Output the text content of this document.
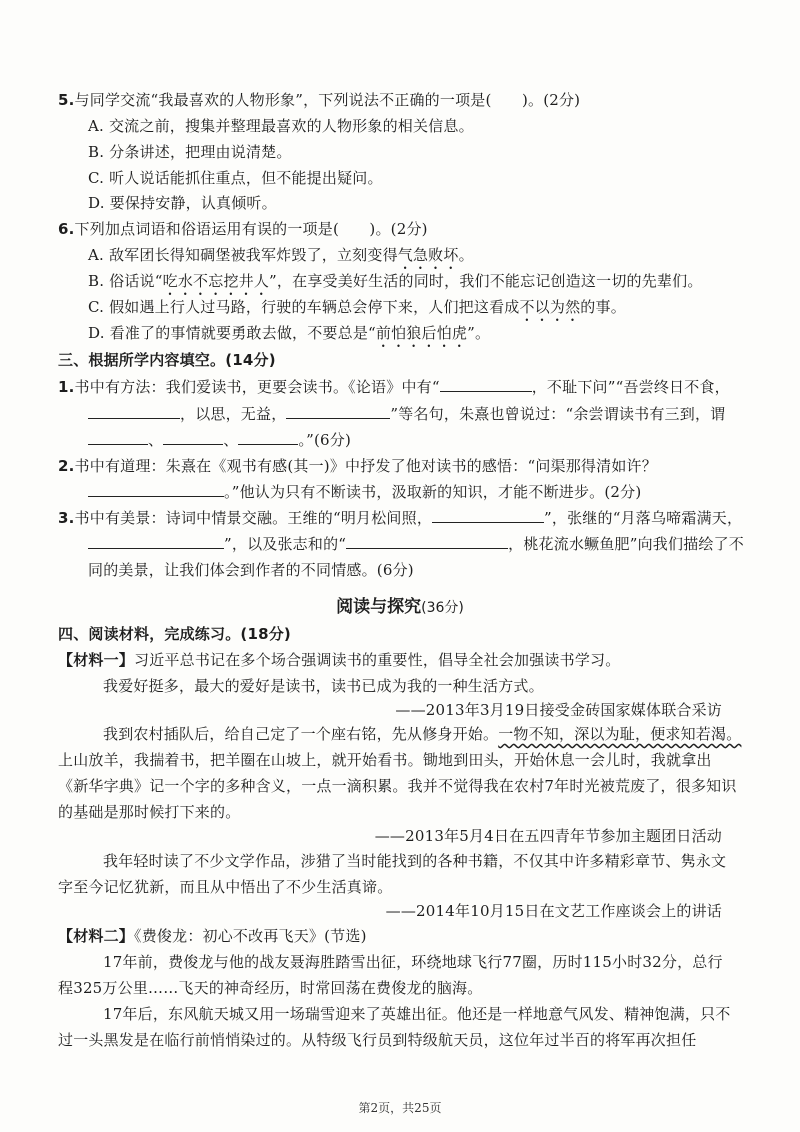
5.与同学交流“我最喜欢的人物形象”，下列说法不正确的一项是(　　)。(2分)
A. 交流之前，搜集并整理最喜欢的人物形象的相关信息。
B. 分条讲述，把理由说清楚。
C. 听人说话能抓住重点，但不能提出疑问。
D. 要保持安静，认真倾听。
6.下列加点词语和俗语运用有误的一项是(　　)。(2分)
A. 敌军团长得知碉堡被我军炸毁了，立刻变得气急败坏。
B. 俗话说“吃水不忘挖井人”，在享受美好生活的同时，我们不能忘记创造这一切的先辈们。
C. 假如遇上行人过马路，行驶的车辆总会停下来，人们把这看成不以为然的事。
D. 看准了的事情就要勇敢去做，不要总是“前怕狼后怕虎”。
三、根据所学内容填空。(14分)
1.书中有方法：我们爱读书，更要会读书。《论语》中有“	，不耻下问”“吾尝终日不食，
，以思，无益，	”等名句，朱熹也曾说过：“余尝谓读书有三到，谓
、	、	。”(6分)
2.书中有道理：朱熹在《观书有感(其一)》中抒发了他对读书的感悟：“问渠那得清如许？
。”他认为只有不断读书，汲取新的知识，才能不断进步。(2分)
3.书中有美景：诗词中情景交融。王维的“明月松间照，	”，张继的“月落乌啼霜满天，
”，以及张志和的“	，桃花流水鳜鱼肥”向我们描绘了不
同的美景，让我们体会到作者的不同情感。(6分)
阅读与探究(36分)
四、阅读材料，完成练习。(18分)
【材料一】习近平总书记在多个场合强调读书的重要性，倡导全社会加强读书学习。
我爱好挺多，最大的爱好是读书，读书已成为我的一种生活方式。
——2013年3月19日接受金砖国家媒体联合采访
我到农村插队后，给自己定了一个座右铭，先从修身开始。一物不知，深以为耻，便求知若渴。
上山放羊，我揣着书，把羊圈在山坡上，就开始看书。锄地到田头，开始休息一会儿时，我就拿出
《新华字典》记一个字的多种含义，一点一滴积累。我并不觉得我在农村7年时光被荒废了，很多知识
的基础是那时候打下来的。
——2013年5月4日在五四青年节参加主题团日活动
我年轻时读了不少文学作品，涉猎了当时能找到的各种书籍，不仅其中许多精彩章节、隽永文
字至今记忆犹新，而且从中悟出了不少生活真谛。
——2014年10月15日在文艺工作座谈会上的讲话
【材料二】《费俊龙：初心不改再飞天》(节选)
17年前，费俊龙与他的战友聂海胜踏雪出征，环绕地球飞行77圈，历时115小时32分，总行
程325万公里……飞天的神奇经历，时常回荡在费俊龙的脑海。
17年后，东风航天城又用一场瑞雪迎来了英雄出征。他还是一样地意气风发、精神饱满，只不
过一头黑发是在临行前悄悄染过的。从特级飞行员到特级航天员，这位年过半百的将军再次担任
第2页，共25页
